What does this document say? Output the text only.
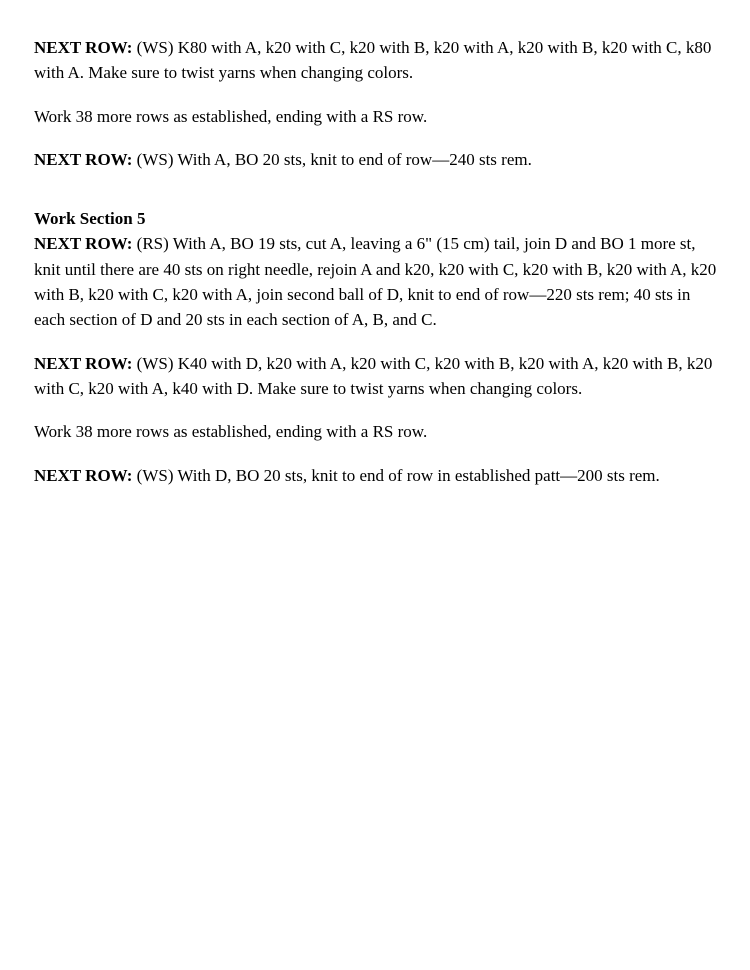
NEXT ROW: (WS) K80 with A, k20 with C, k20 with B, k20 with A, k20 with B, k20 with C, k80 with A. Make sure to twist yarns when changing colors.

Work 38 more rows as established, ending with a RS row.

NEXT ROW: (WS) With A, BO 20 sts, knit to end of row—240 sts rem.

Work Section 5

NEXT ROW: (RS) With A, BO 19 sts, cut A, leaving a 6" (15 cm) tail, join D and BO 1 more st, knit until there are 40 sts on right needle, rejoin A and k20, k20 with C, k20 with B, k20 with A, k20 with B, k20 with C, k20 with A, join second ball of D, knit to end of row—220 sts rem; 40 sts in each section of D and 20 sts in each section of A, B, and C.

NEXT ROW: (WS) K40 with D, k20 with A, k20 with C, k20 with B, k20 with A, k20 with B, k20 with C, k20 with A, k40 with D. Make sure to twist yarns when changing colors.

Work 38 more rows as established, ending with a RS row.

NEXT ROW: (WS) With D, BO 20 sts, knit to end of row in established patt—200 sts rem.
